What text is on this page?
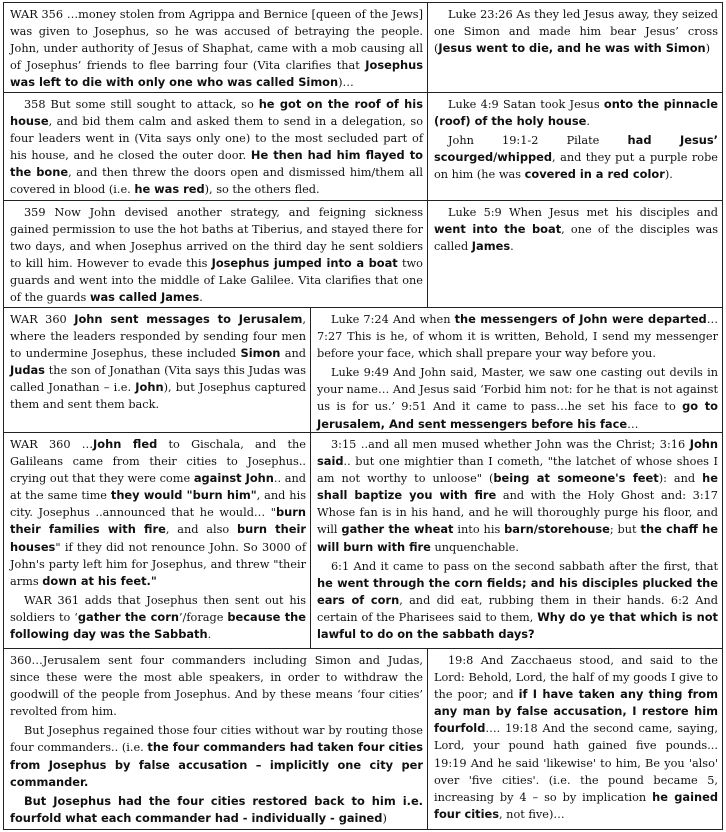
WAR 356 …money stolen from Agrippa and Bernice [queen of the Jews] was given to Josephus, so he was accused of betraying the people. John, under authority of Jesus of Shaphat, came with a mob causing all of Josephus’ friends to flee barring four (Vita clarifies that Josephus was left to die with only one who was called Simon)…

Luke 23:26 As they led Jesus away, they seized one Simon and made him bear Jesus’ cross (Jesus went to die, and he was with Simon)

358 But some still sought to attack, so he got on the roof of his house, and bid them calm and asked them to send in a delegation, so four leaders went in (Vita says only one) to the most secluded part of his house, and he closed the outer door. He then had him flayed to the bone, and then threw the doors open and dismissed him/them all covered in blood (i.e. he was red), so the others fled.

Luke 4:9 Satan took Jesus onto the pinnacle (roof) of the holy house.

John 19:1-2 Pilate had Jesus’ scourged/whipped, and they put a purple robe on him (he was covered in a red color).

359 Now John devised another strategy, and feigning sickness gained permission to use the hot baths at Tiberius, and stayed there for two days, and when Josephus arrived on the third day he sent soldiers to kill him. However to evade this Josephus jumped into a boat two guards and went into the middle of Lake Galilee. Vita clarifies that one of the guards was called James.

Luke 5:9 When Jesus met his disciples and went into the boat, one of the disciples was called James.

WAR 360 John sent messages to Jerusalem, where the leaders responded by sending four men to undermine Josephus, these included Simon and Judas the son of Jonathan (Vita says this Judas was called Jonathan – i.e. John), but Josephus captured them and sent them back.

Luke 7:24 And when the messengers of John were departed… 7:27 This is he, of whom it is written, Behold, I send my messenger before your face, which shall prepare your way before you.

Luke 9:49 And John said, Master, we saw one casting out devils in your name… And Jesus said ‘Forbid him not: for he that is not against us is for us.’ 9:51 And it came to pass…he set his face to go to Jerusalem, And sent messengers before his face…

WAR 360 …John fled to Gischala, and the Galileans came from their cities to Josephus.. crying out that they were come against John.. and at the same time they would "burn him", and his city. Josephus ..announced that he would… "burn their families with fire, and also burn their houses" if they did not renounce John. So 3000 of John's party left him for Josephus, and threw "their arms down at his feet."

WAR 361 adds that Josephus then sent out his soldiers to ‘gather the corn’/forage because the following day was the Sabbath.

3:15 ..and all men mused whether John was the Christ; 3:16 John said.. but one mightier than I cometh, "the latchet of whose shoes I am not worthy to unloose" (being at someone's feet): and he shall baptize you with fire and with the Holy Ghost and: 3:17 Whose fan is in his hand, and he will thoroughly purge his floor, and will gather the wheat into his barn/storehouse; but the chaff he will burn with fire unquenchable.

6:1 And it came to pass on the second sabbath after the first, that he went through the corn fields; and his disciples plucked the ears of corn, and did eat, rubbing them in their hands. 6:2 And certain of the Pharisees said to them, Why do ye that which is not lawful to do on the sabbath days?

360…Jerusalem sent four commanders including Simon and Judas, since these were the most able speakers, in order to withdraw the goodwill of the people from Josephus. And by these means ‘four cities’ revolted from him.

But Josephus regained those four cities without war by routing those four commanders.. (i.e. the four commanders had taken four cities from Josephus by false accusation – implicitly one city per commander.

But Josephus had the four cities restored back to him i.e. fourfold what each commander had - individually - gained)

19:8 And Zacchaeus stood, and said to the Lord: Behold, Lord, the half of my goods I give to the poor; and if I have taken any thing from any man by false accusation, I restore him fourfold…. 19:18 And the second came, saying, Lord, your pound hath gained five pounds... 19:19 And he said 'likewise' to him, Be you 'also' over 'five cities'. (i.e. the pound became 5, increasing by 4 – so by implication he gained four cities, not five)…
